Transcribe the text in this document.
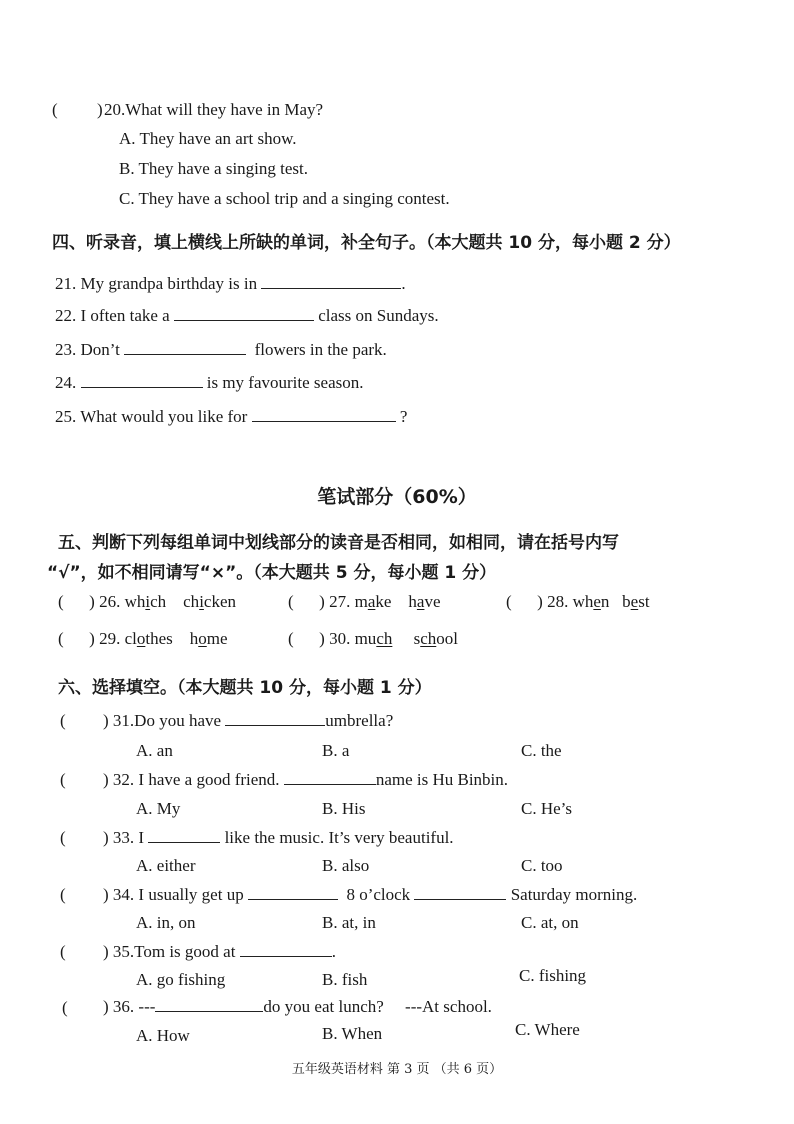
( ) 20.What will they have in May?
A. They have an art show.
B. They have a singing test.
C. They have a school trip and a singing contest.
四、听录音，填上横线上所缺的单词，补全句子。（本大题共 10 分，每小题 2 分）
21. My grandpa birthday is in	.
22. I often take a	class on Sundays.
23. Don’t	flowers in the park.
24.	is my favourite season.
25. What would you like for	?
笔试部分（60%）
五、判断下列每组单词中划线部分的读音是否相同，如相同，请在括号内写
“√”，如不相同请写“×”。（本大题共 5 分，每小题 1 分）
(      ) 26. which chicken	(      ) 27. make have	(      ) 28. when best
(      ) 29. clothes home	(      ) 30. much school
六、选择填空。（本大题共 10 分，每小题 1 分）
( ) 31.Do you have	umbrella?
A. an	B. a	C. the
( ) 32. I have a good friend.	name is Hu Binbin.
A. My	B. His	C. He’s
( ) 33. I	like the music. It’s very beautiful.
A. either	B. also	C. too
( ) 34. I usually get up	8 o’clock	Saturday morning.
A. in, on	B. at, in	C. at, on
( ) 35.Tom is good at	.
A. go fishing	B. fish	C. fishing
( ) 36. ---	do you eat lunch? ---At school.
A. How	B. When	C. Where
五年级英语材料 第 3 页 （共 6 页）
